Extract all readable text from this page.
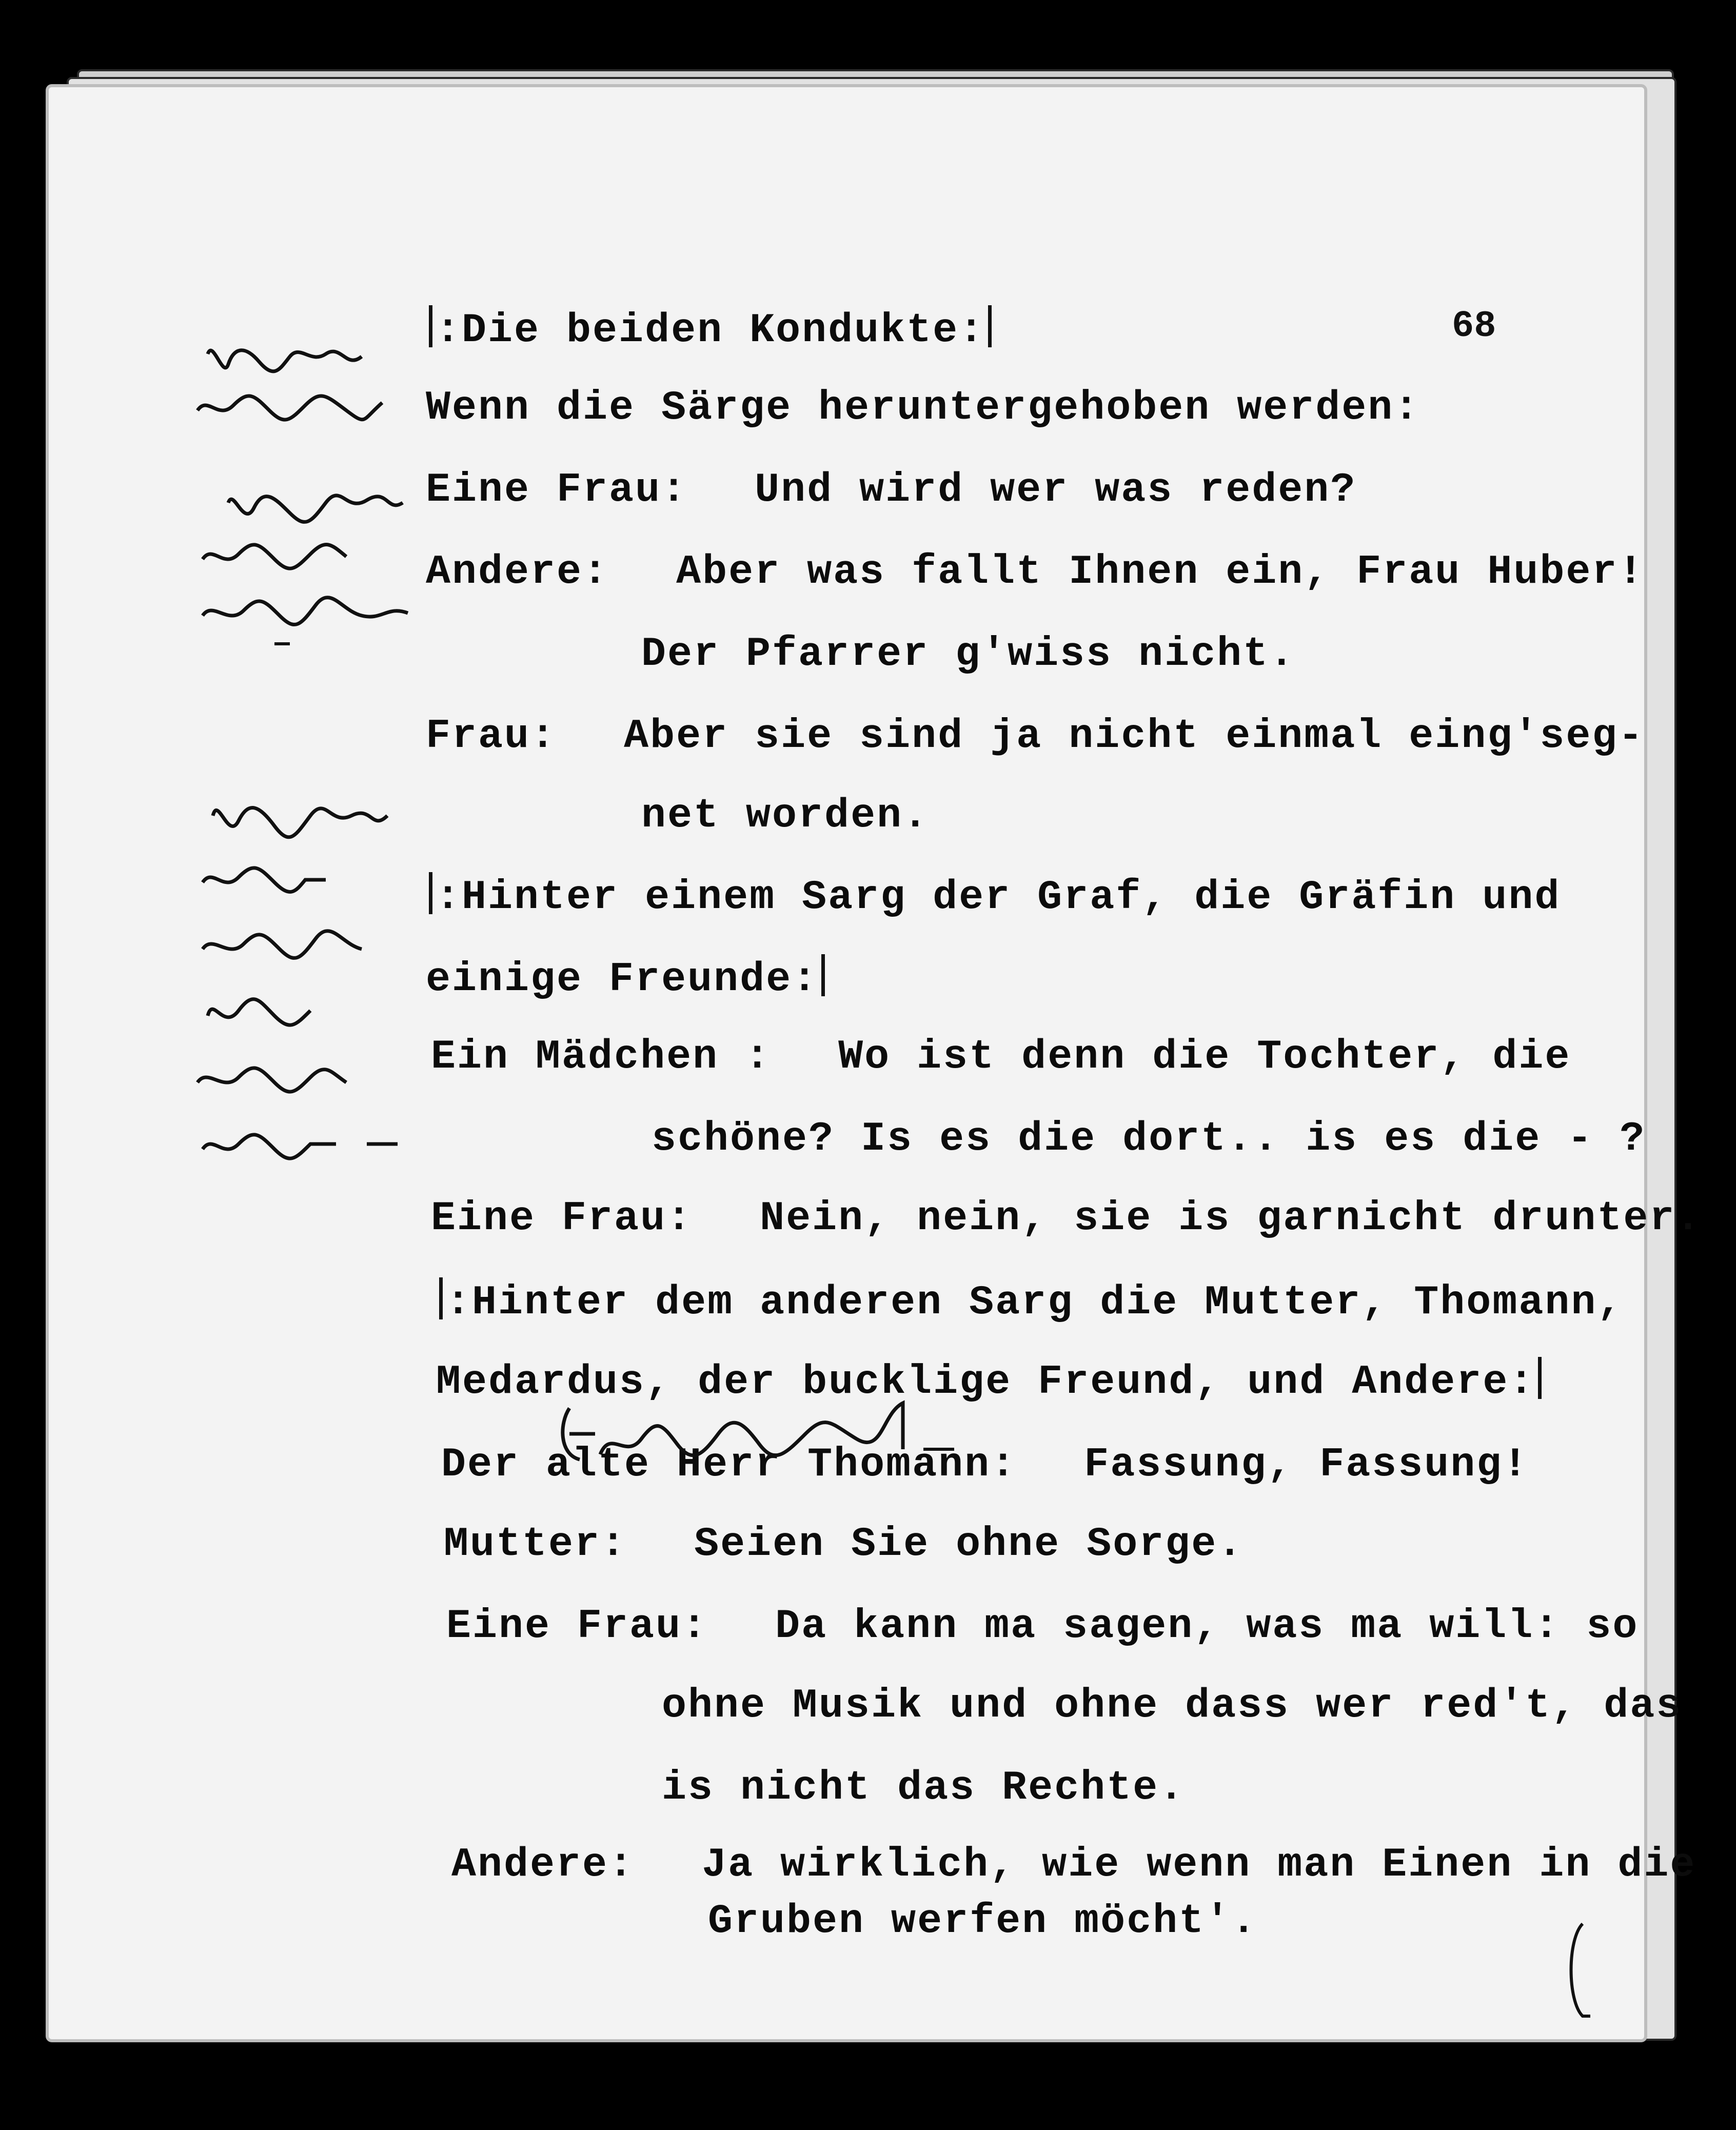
68
:Die beiden Kondukte:
Wenn die Särge heruntergehoben werden:
Eine Frau: Und wird wer was reden?
Andere: Aber was fallt Ihnen ein, Frau Huber!
Der Pfarrer g'wiss nicht.
Frau: Aber sie sind ja nicht einmal eing'seg-
net worden.
:Hinter einem Sarg der Graf, die Gräfin und
einige Freunde:
Ein Mädchen : Wo ist denn die Tochter, die
schöne? Is es die dort.. is es die - ?
Eine Frau: Nein, nein, sie is garnicht drunter.
:Hinter dem anderen Sarg die Mutter, Thomann,
Medardus, der bucklige Freund, und Andere:
Der alte Herr Thomann: Fassung, Fassung!
Mutter: Seien Sie ohne Sorge.
Eine Frau: Da kann ma sagen, was ma will: so
ohne Musik und ohne dass wer red't, das
is nicht das Rechte.
Andere: Ja wirklich, wie wenn man Einen in die
Gruben werfen möcht'.
